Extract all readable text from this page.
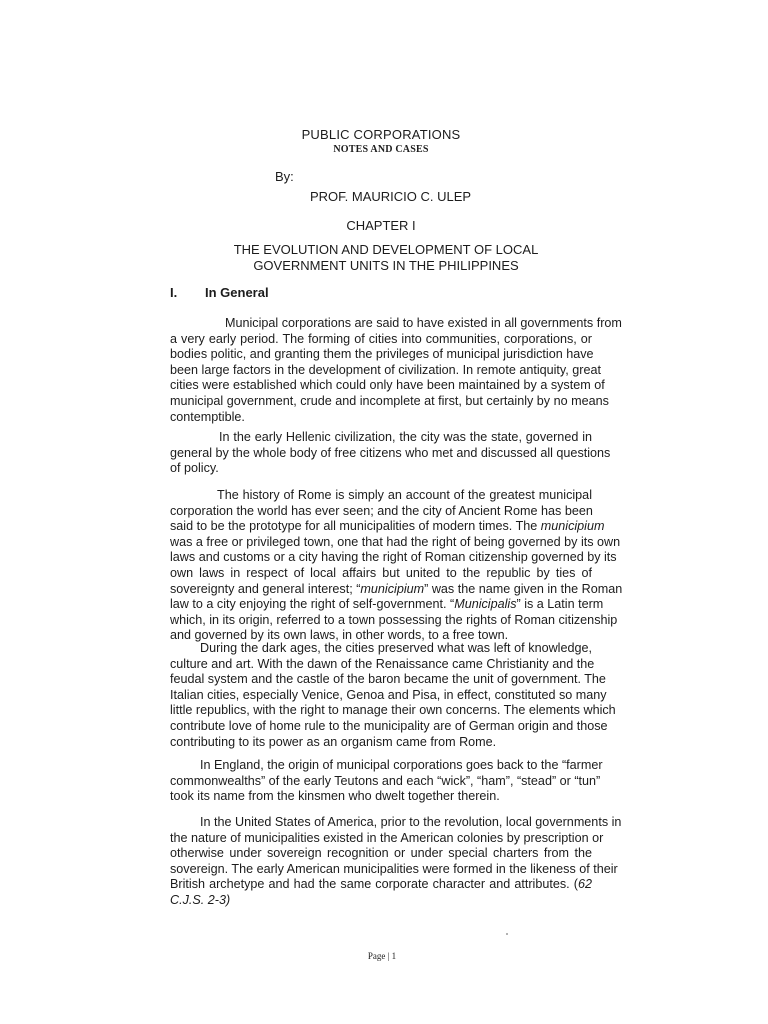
PUBLIC CORPORATIONS
NOTES AND CASES
By:
PROF. MAURICIO C. ULEP
CHAPTER I
THE EVOLUTION AND DEVELOPMENT OF LOCAL
GOVERNMENT UNITS IN THE PHILIPPINES
I. In General
Municipal corporations are said to have existed in all governments from
a very early period. The forming of cities into communities, corporations, or
bodies politic, and granting them the privileges of municipal jurisdiction have
been large factors in the development of civilization. In remote antiquity, great
cities were established which could only have been maintained by a system of
municipal government, crude and incomplete at first, but certainly by no means
contemptible.
In the early Hellenic civilization, the city was the state, governed in
general by the whole body of free citizens who met and discussed all questions
of policy.
The history of Rome is simply an account of the greatest municipal
corporation the world has ever seen; and the city of Ancient Rome has been
said to be the prototype for all municipalities of modern times. The municipium
was a free or privileged town, one that had the right of being governed by its own
laws and customs or a city having the right of Roman citizenship governed by its
own laws in respect of local affairs but united to the republic by ties of
sovereignty and general interest; “municipium” was the name given in the Roman
law to a city enjoying the right of self-government. “Municipalis” is a Latin term
which, in its origin, referred to a town possessing the rights of Roman citizenship
and governed by its own laws, in other words, to a free town.
During the dark ages, the cities preserved what was left of knowledge,
culture and art. With the dawn of the Renaissance came Christianity and the
feudal system and the castle of the baron became the unit of government. The
Italian cities, especially Venice, Genoa and Pisa, in effect, constituted so many
little republics, with the right to manage their own concerns. The elements which
contribute love of home rule to the municipality are of German origin and those
contributing to its power as an organism came from Rome.
In England, the origin of municipal corporations goes back to the “farmer
commonwealths” of the early Teutons and each “wick”, “ham”, “stead” or “tun”
took its name from the kinsmen who dwelt together therein.
In the United States of America, prior to the revolution, local governments in
the nature of municipalities existed in the American colonies by prescription or
otherwise under sovereign recognition or under special charters from the
sovereign. The early American municipalities were formed in the likeness of their
British archetype and had the same corporate character and attributes. (62
C.J.S. 2-3)
Page | 1
